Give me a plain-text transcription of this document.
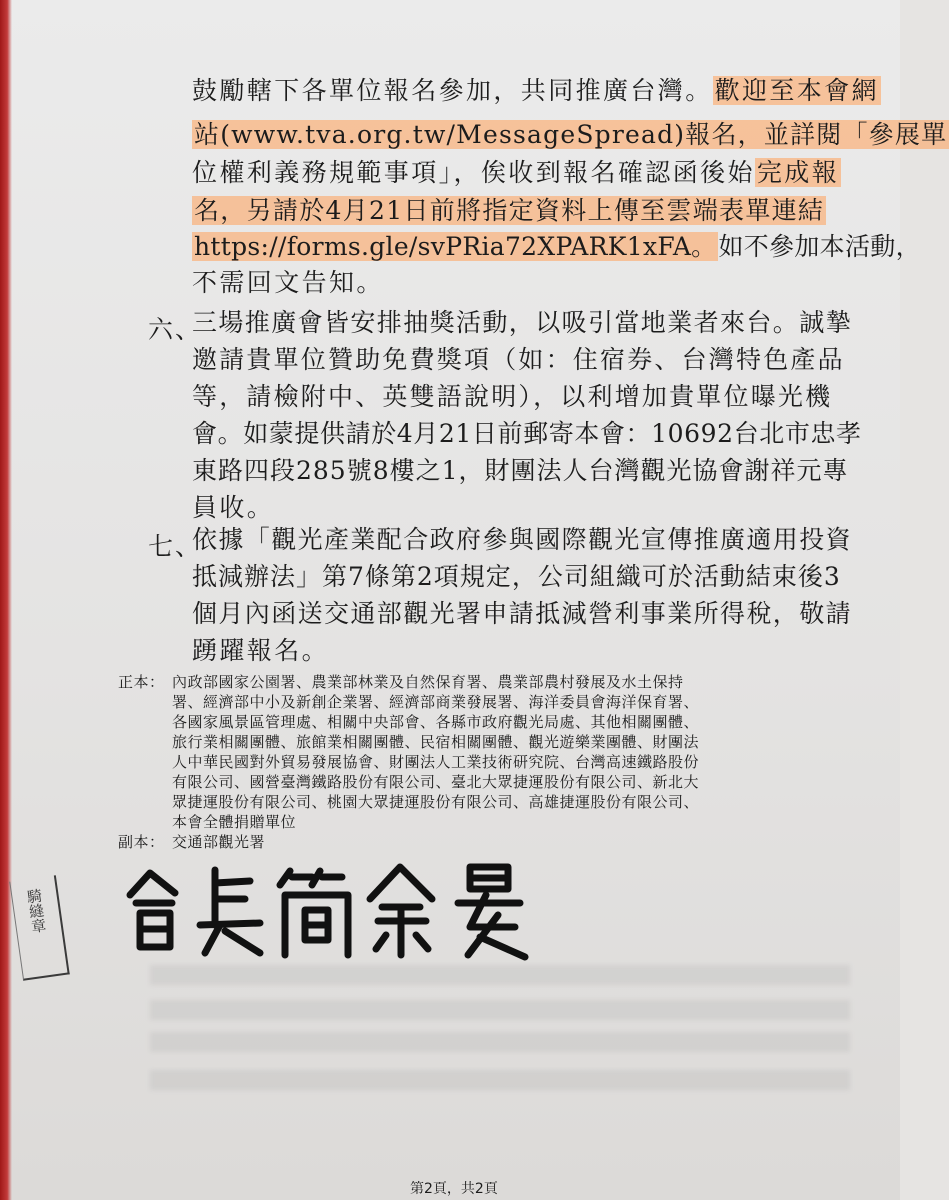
鼓勵轄下各單位報名參加，共同推廣台灣。歡迎至本會網
站(www.tva.org.tw/MessageSpread)報名，並詳閱「參展單
位權利義務規範事項」，俟收到報名確認函後始完成報
名，另請於4月21日前將指定資料上傳至雲端表單連結
https://forms.gle/svPRia72XPARK1xFA。如不參加本活動，
不需回文告知。
六、
三場推廣會皆安排抽獎活動，以吸引當地業者來台。誠摯
邀請貴單位贊助免費獎項（如：住宿券、台灣特色產品
等，請檢附中、英雙語說明），以利增加貴單位曝光機
會。如蒙提供請於4月21日前郵寄本會：10692台北市忠孝
東路四段285號8樓之1，財團法人台灣觀光協會謝祥元專
員收。
七、
依據「觀光產業配合政府參與國際觀光宣傳推廣適用投資
抵減辦法」第7條第2項規定，公司組織可於活動結束後3
個月內函送交通部觀光署申請抵減營利事業所得稅，敬請
踴躍報名。
正本： 內政部國家公園署、農業部林業及自然保育署、農業部農村發展及水土保持
署、經濟部中小及新創企業署、經濟部商業發展署、海洋委員會海洋保育署、
各國家風景區管理處、相關中央部會、各縣市政府觀光局處、其他相關團體、
旅行業相關團體、旅館業相關團體、民宿相關團體、觀光遊樂業團體、財團法
人中華民國對外貿易發展協會、財團法人工業技術研究院、台灣高速鐵路股份
有限公司、國營臺灣鐵路股份有限公司、臺北大眾捷運股份有限公司、新北大
眾捷運股份有限公司、桃園大眾捷運股份有限公司、高雄捷運股份有限公司、
本會全體捐贈單位
副本： 交通部觀光署
騎縫章
第2頁，共2頁
